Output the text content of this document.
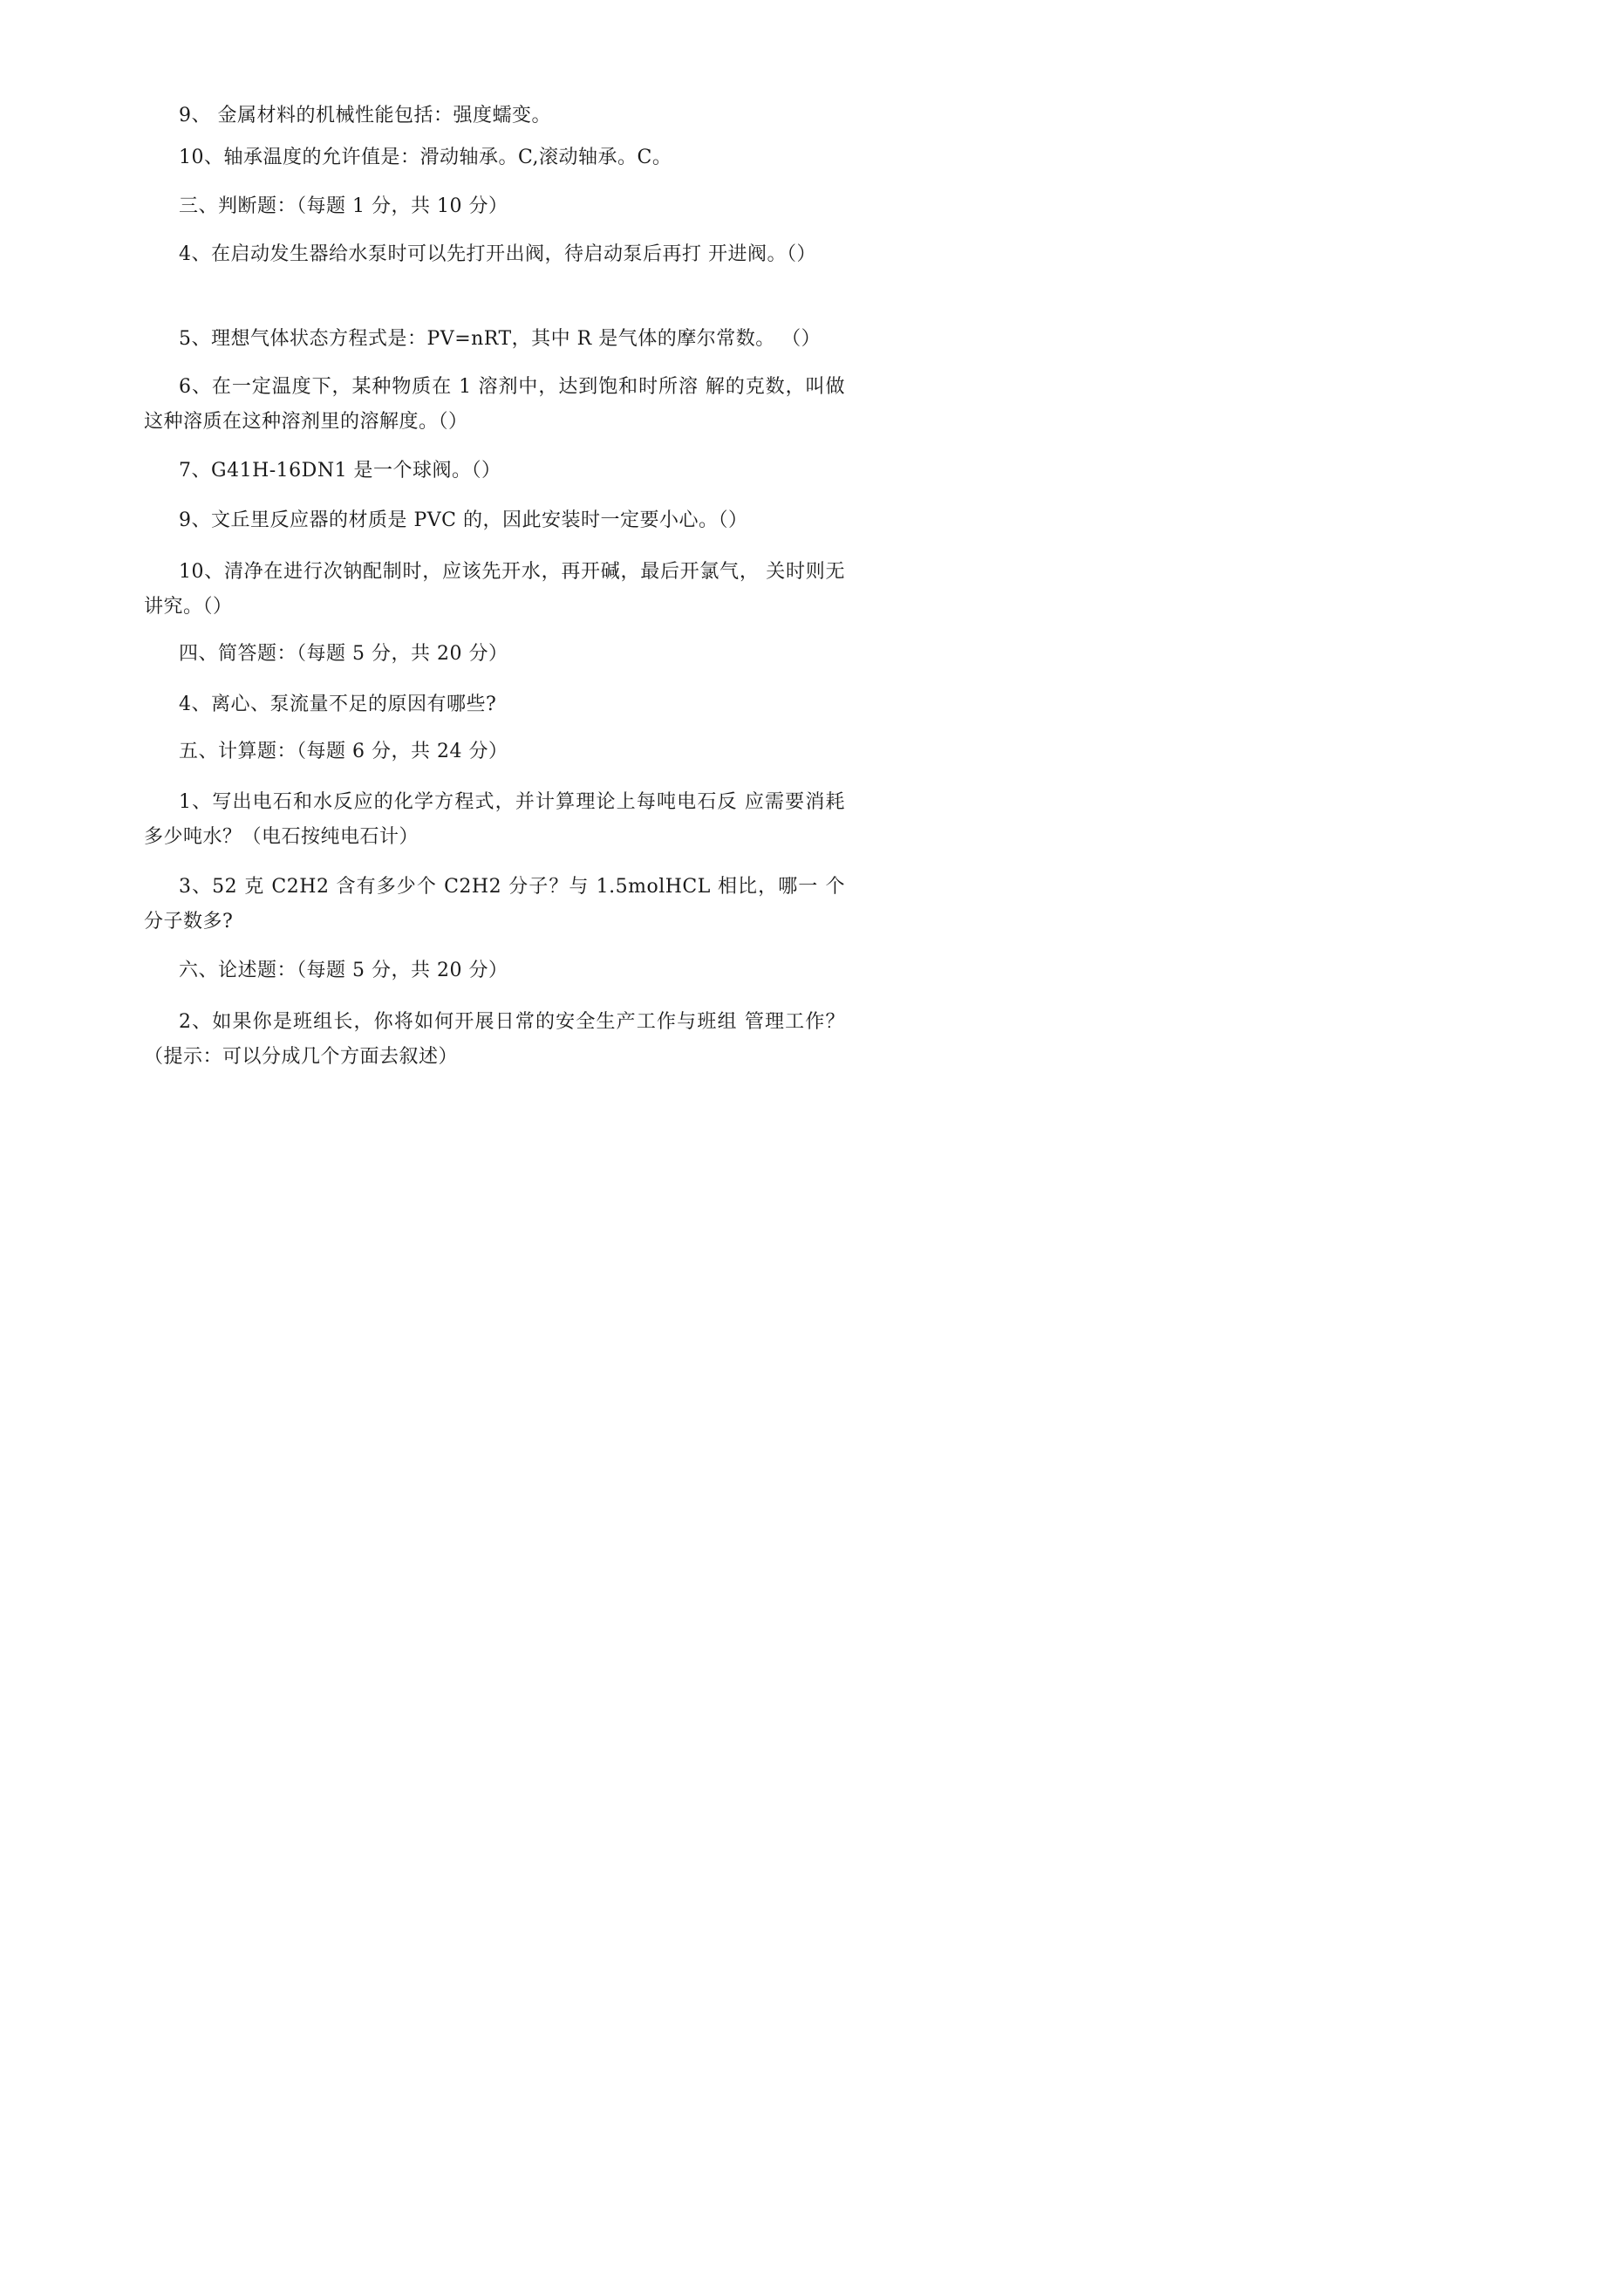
9、 金属材料的机械性能包括：强度蠕变。

10、轴承温度的允许值是：滑动轴承。C,滚动轴承。C。

三、判断题：（每题 1 分，共 10 分）

4、在启动发生器给水泵时可以先打开出阀，待启动泵后再打 开进阀。（）

5、理想气体状态方程式是：PV=nRT，其中 R 是气体的摩尔常数。 （）

6、在一定温度下，某种物质在 1 溶剂中，达到饱和时所溶 解的克数，叫做这种溶质在这种溶剂里的溶解度。（）

7、G41H-16DN1 是一个球阀。（）

9、文丘里反应器的材质是 PVC 的，因此安装时一定要小心。（）

10、清净在进行次钠配制时，应该先开水，再开碱，最后开氯气， 关时则无讲究。（）

四、简答题：（每题 5 分，共 20 分）

4、离心、泵流量不足的原因有哪些?

五、计算题：（每题 6 分，共 24 分）

1、写出电石和水反应的化学方程式，并计算理论上每吨电石反 应需要消耗多少吨水？（电石按纯电石计）

3、52 克 C2H2 含有多少个 C2H2 分子？与 1.5molHCL 相比，哪一 个分子数多?

六、论述题：（每题 5 分，共 20 分）

2、如果你是班组长，你将如何开展日常的安全生产工作与班组 管理工作？（提示：可以分成几个方面去叙述）
